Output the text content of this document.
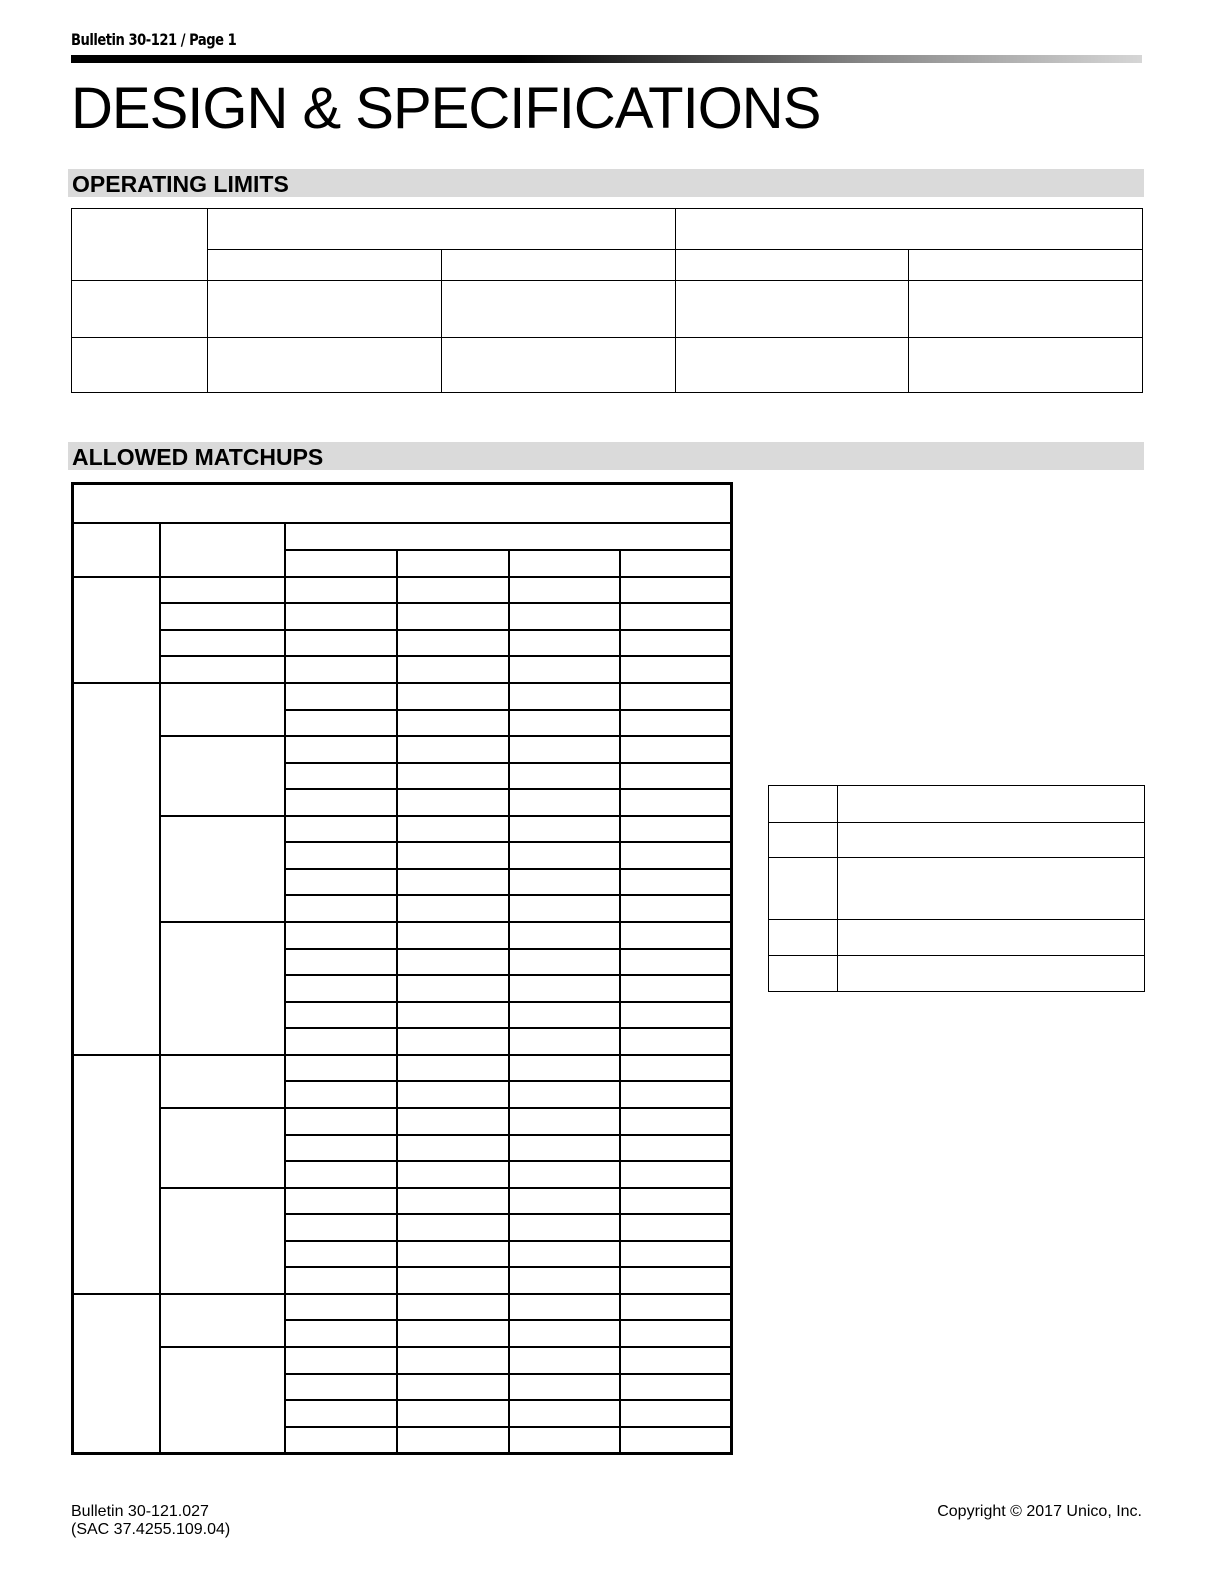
Bulletin 30-121 / Page 1
DESIGN & SPECIFICATIONS
OPERATING LIMITS

ALLOWED MATCHUPS

Bulletin 30-121.027
(SAC 37.4255.109.04)
Copyright © 2017 Unico, Inc.
